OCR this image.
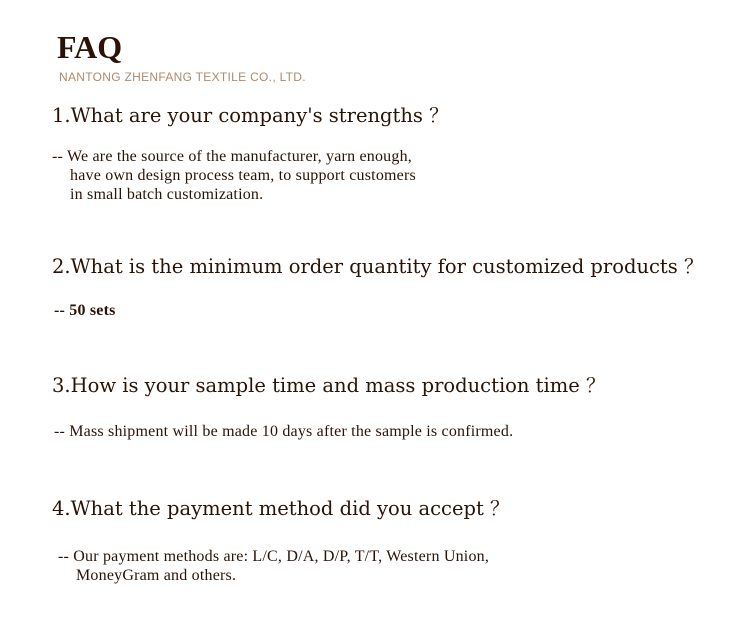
FAQ

NANTONG ZHENFANG TEXTILE CO., LTD.

1.What are your company's strengths ？

-- We are the source of the manufacturer, yarn enough,
have own design process team, to support customers
in small batch customization.

2.What is the minimum order quantity for customized products ？

-- 50 sets

3.How is your sample time and mass production time ？

-- Mass shipment will be made 10 days after the sample is confirmed.

4.What the payment method did you accept ？

-- Our payment methods are: L/C, D/A, D/P, T/T, Western Union,
MoneyGram and others.
